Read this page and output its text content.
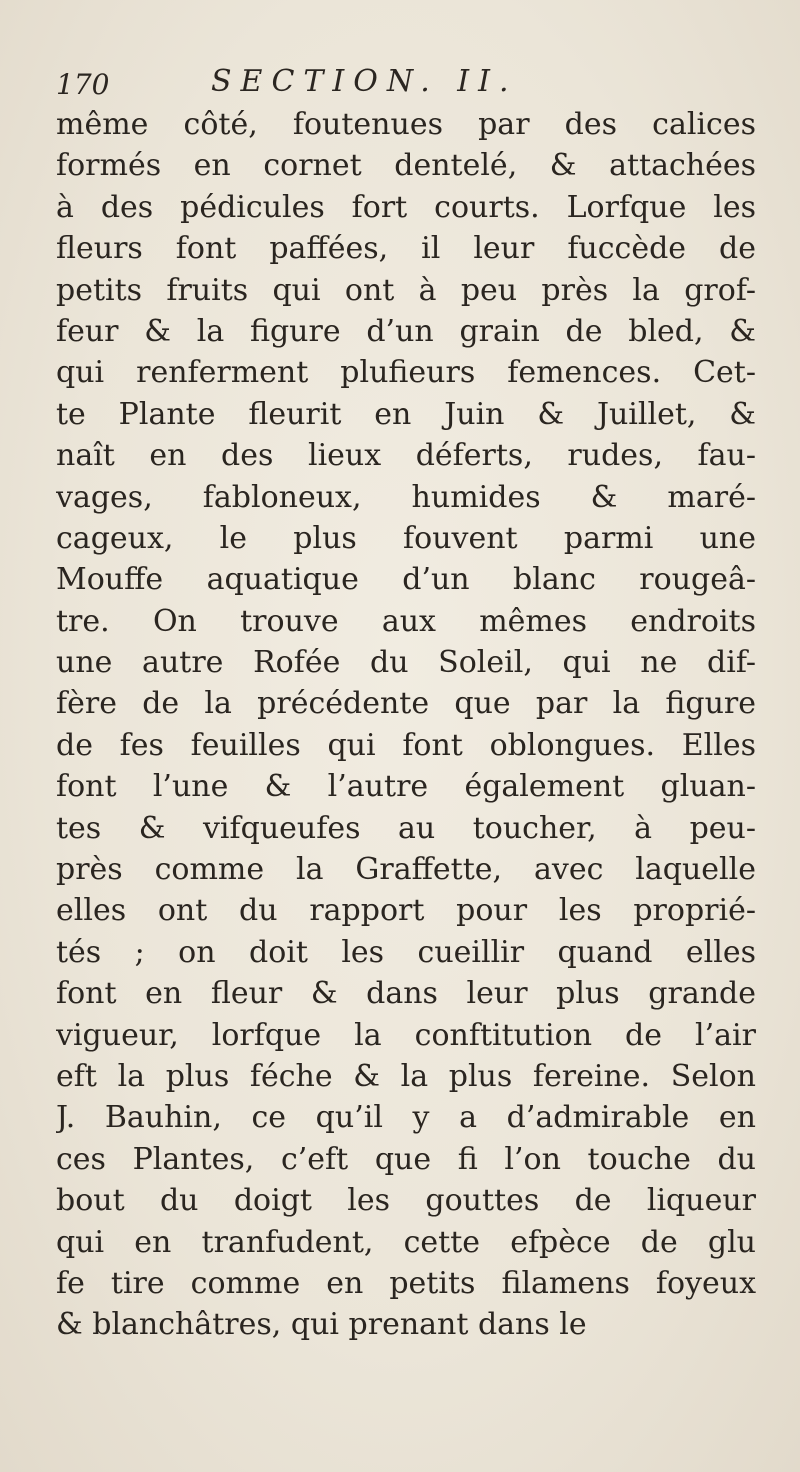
170	SECTION. II.
même côté, foutenues par des calices
formés en cornet dentelé, & attachées
à des pédicules fort courts. Lorfque les
fleurs font paffées, il leur fuccède de
petits fruits qui ont à peu près la grof-
feur & la figure d’un grain de bled, &
qui renferment plufieurs femences. Cet-
te Plante fleurit en Juin & Juillet, &
naît en des lieux déferts, rudes, fau-
vages, fabloneux, humides & maré-
cageux, le plus fouvent parmi une
Mouffe aquatique d’un blanc rougeâ-
tre. On trouve aux mêmes endroits
une autre Rofée du Soleil, qui ne dif-
fère de la précédente que par la figure
de fes feuilles qui font oblongues. Elles
font l’une & l’autre également gluan-
tes & vifqueufes au toucher, à peu-
près comme la Graffette, avec laquelle
elles ont du rapport pour les proprié-
tés ; on doit les cueillir quand elles
font en fleur & dans leur plus grande
vigueur, lorfque la conftitution de l’air
eft la plus féche & la plus fereine. Selon
J. Bauhin, ce qu’il y a d’admirable en
ces Plantes, c’eft que fi l’on touche du
bout du doigt les gouttes de liqueur
qui en tranfudent, cette efpèce de glu
fe tire comme en petits filamens foyeux
& blanchâtres, qui prenant dans le
